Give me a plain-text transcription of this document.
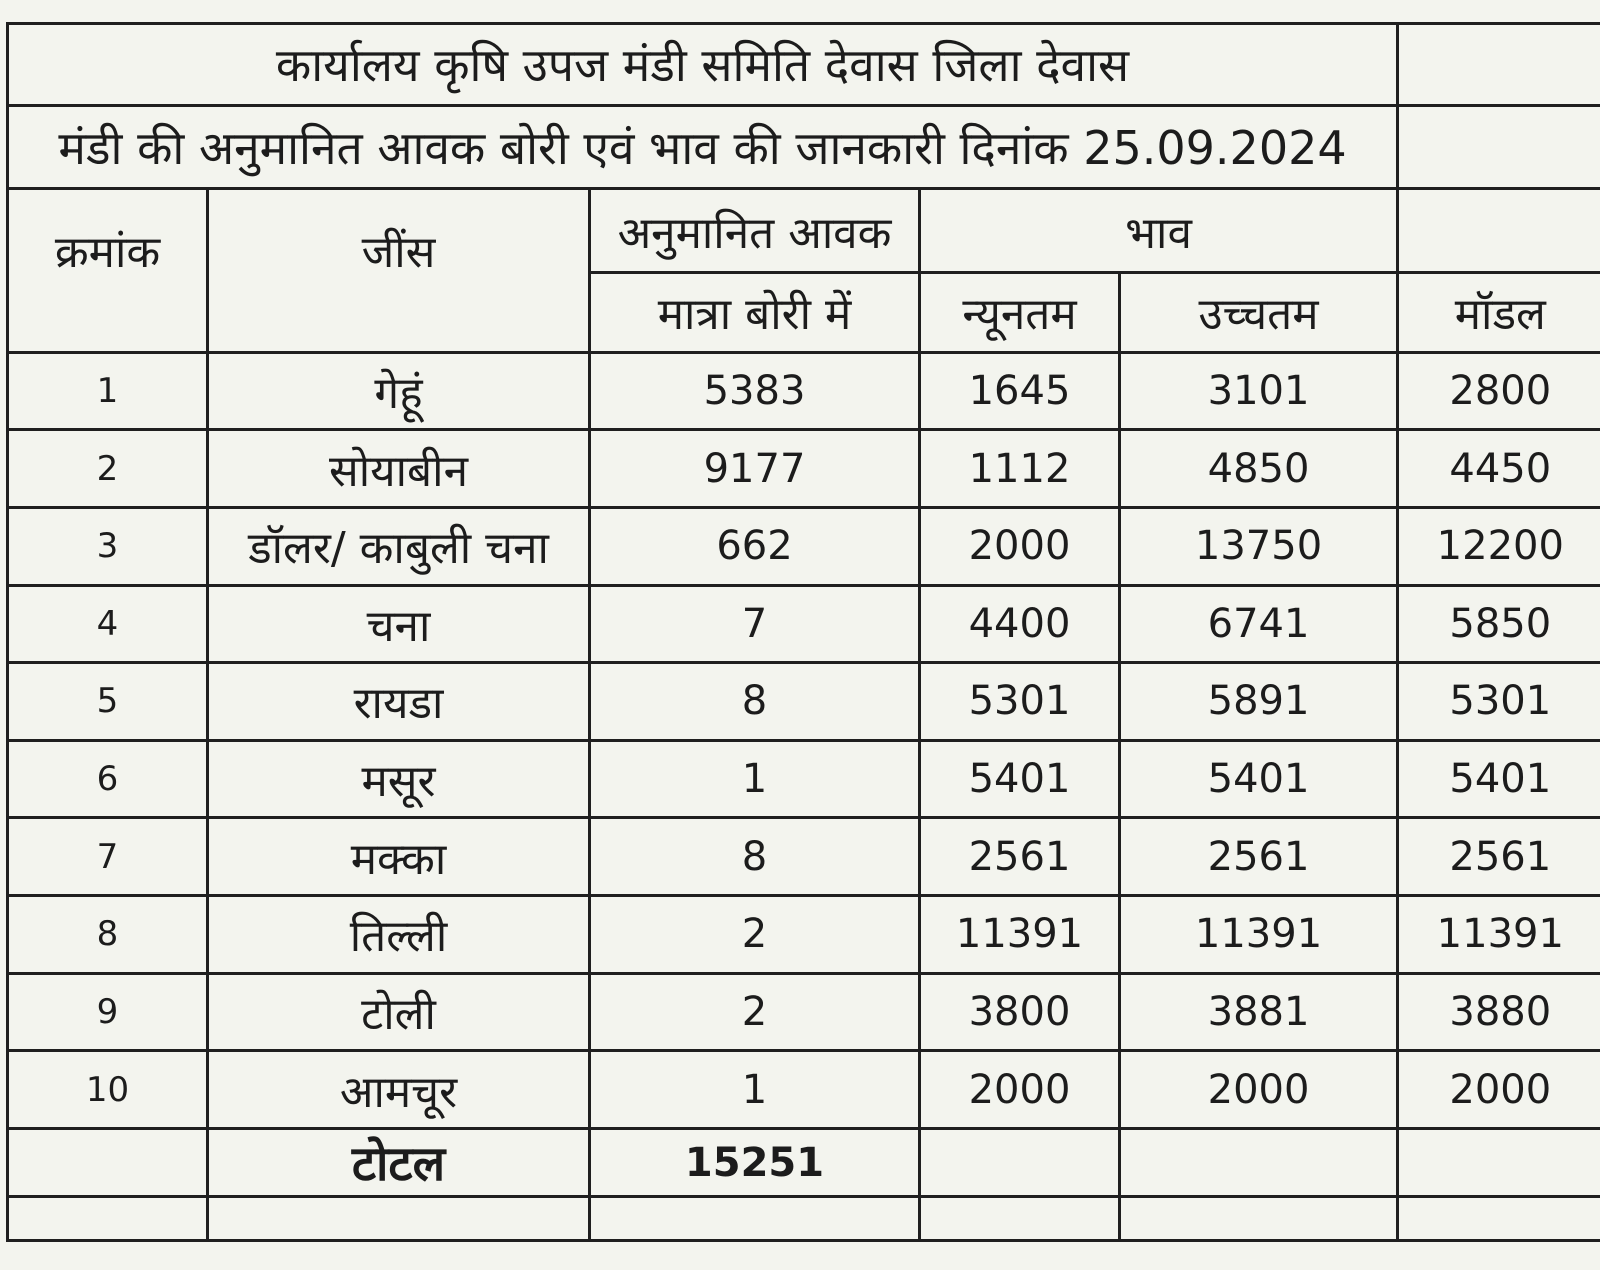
कार्यालय कृषि उपज मंडी समिति देवास जिला देवास					
मंडी की अनुमानित आवक बोरी एवं भाव की जानकारी दिनांक 25.09.2024					
क्रमांक	जींस	अनुमानित आवक	भाव		
		मात्रा बोरी में	न्यूनतम	उच्चतम	मॉडल
1	गेहूं	5383	1645	3101	2800
2	सोयाबीन	9177	1112	4850	4450
3	डॉलर/ काबुली चना	662	2000	13750	12200
4	चना	7	4400	6741	5850
5	रायडा	8	5301	5891	5301
6	मसूर	1	5401	5401	5401
7	मक्का	8	2561	2561	2561
8	तिल्ली	2	11391	11391	11391
9	टोली	2	3800	3881	3880
10	आमचूर	1	2000	2000	2000
	टोटल	15251			
